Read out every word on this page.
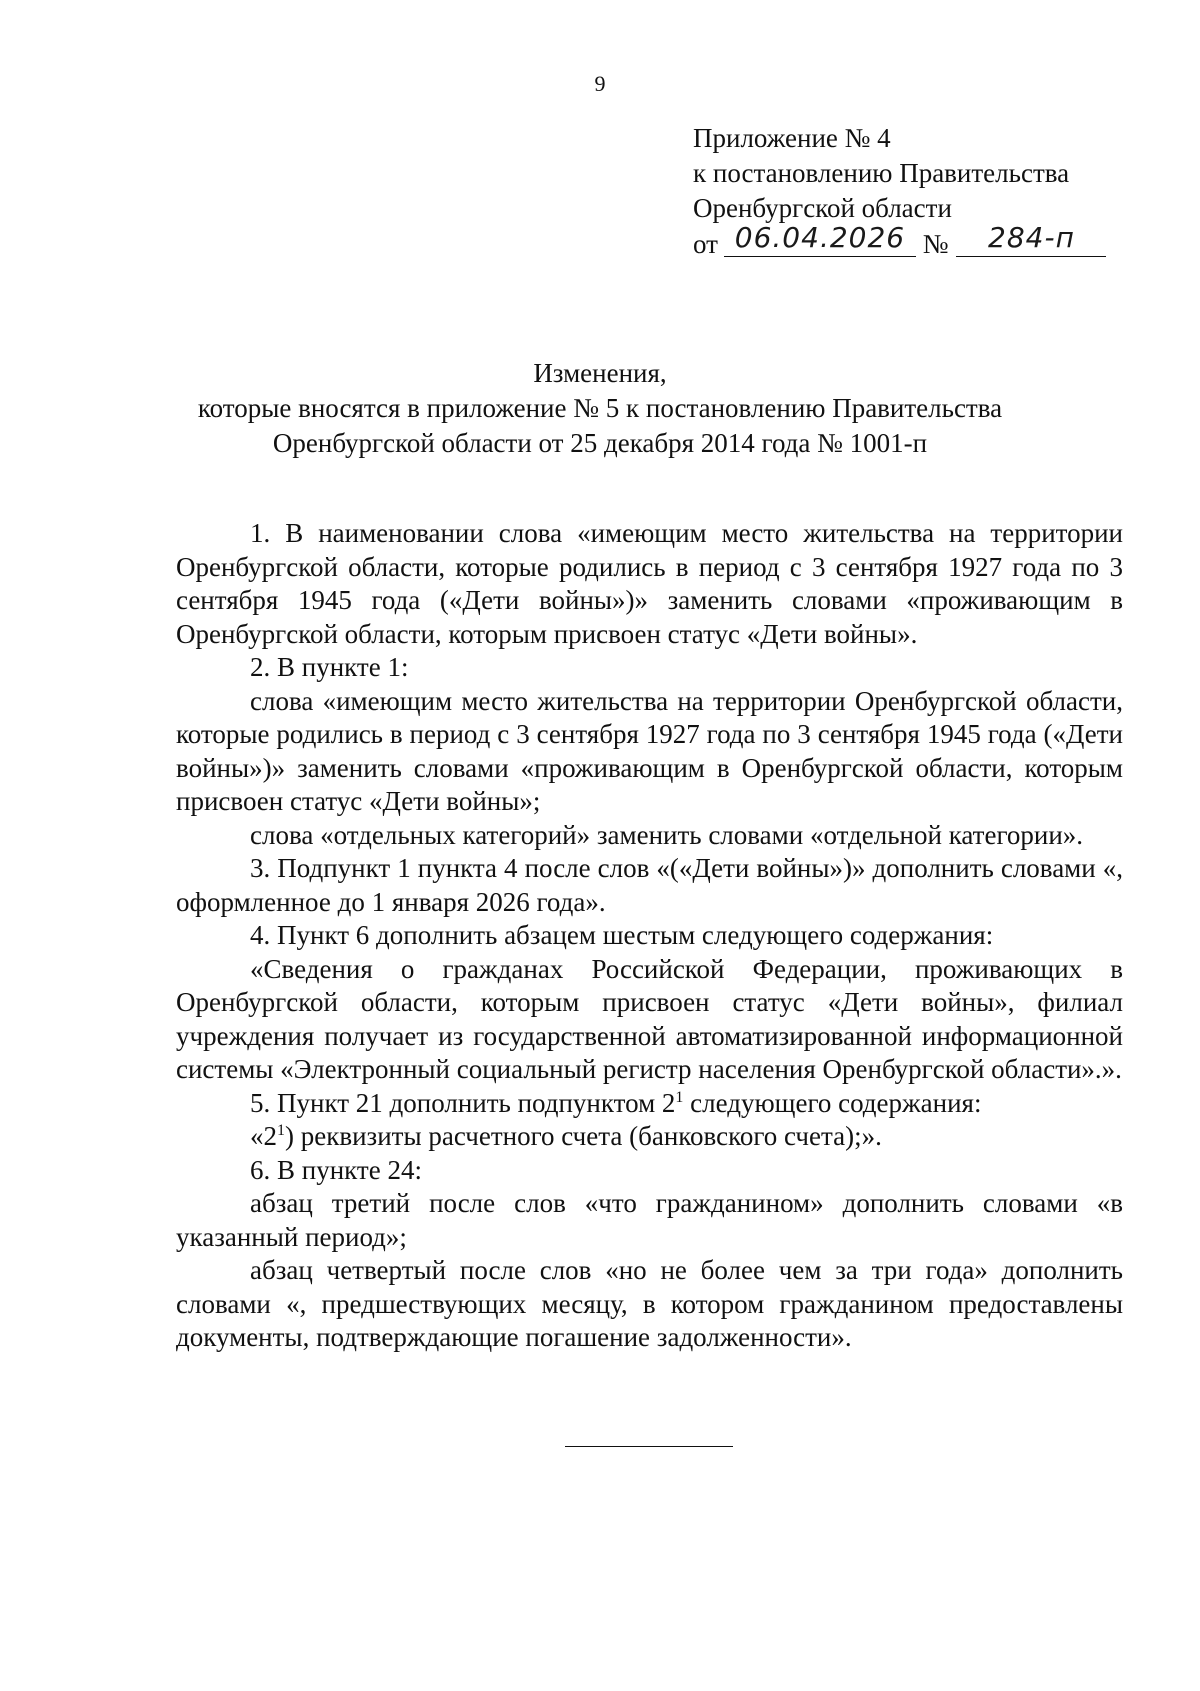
9
Приложение № 4
к постановлению Правительства
Оренбургской области
от 06.04.2026 № 284-п
Изменения,
которые вносятся в приложение № 5 к постановлению Правительства
Оренбургской области от 25 декабря 2014 года № 1001-п

1. В наименовании слова «имеющим место жительства на территории Оренбургской области, которые родились в период с 3 сентября 1927 года по 3 сентября 1945 года («Дети войны»)» заменить словами «проживающим в Оренбургской области, которым присвоен статус «Дети войны».

2. В пункте 1:

слова «имеющим место жительства на территории Оренбургской области, которые родились в период с 3 сентября 1927 года по 3 сентября 1945 года («Дети войны»)» заменить словами «проживающим в Оренбургской области, которым присвоен статус «Дети войны»;

слова «отдельных категорий» заменить словами «отдельной категории».

3. Подпункт 1 пункта 4 после слов «(«Дети войны»)» дополнить словами «, оформленное до 1 января 2026 года».

4. Пункт 6 дополнить абзацем шестым следующего содержания:

«Сведения о гражданах Российской Федерации, проживающих в Оренбургской области, которым присвоен статус «Дети войны», филиал учреждения получает из государственной автоматизированной информационной системы «Электронный социальный регистр населения Оренбургской области».».

5. Пункт 21 дополнить подпунктом $2^1$ следующего содержания:

«$2^1$) реквизиты расчетного счета (банковского счета);».

6. В пункте 24:

абзац третий после слов «что гражданином» дополнить словами «в указанный период»;

абзац четвертый после слов «но не более чем за три года» дополнить словами «, предшествующих месяцу, в котором гражданином предоставлены документы, подтверждающие погашение задолженности».
